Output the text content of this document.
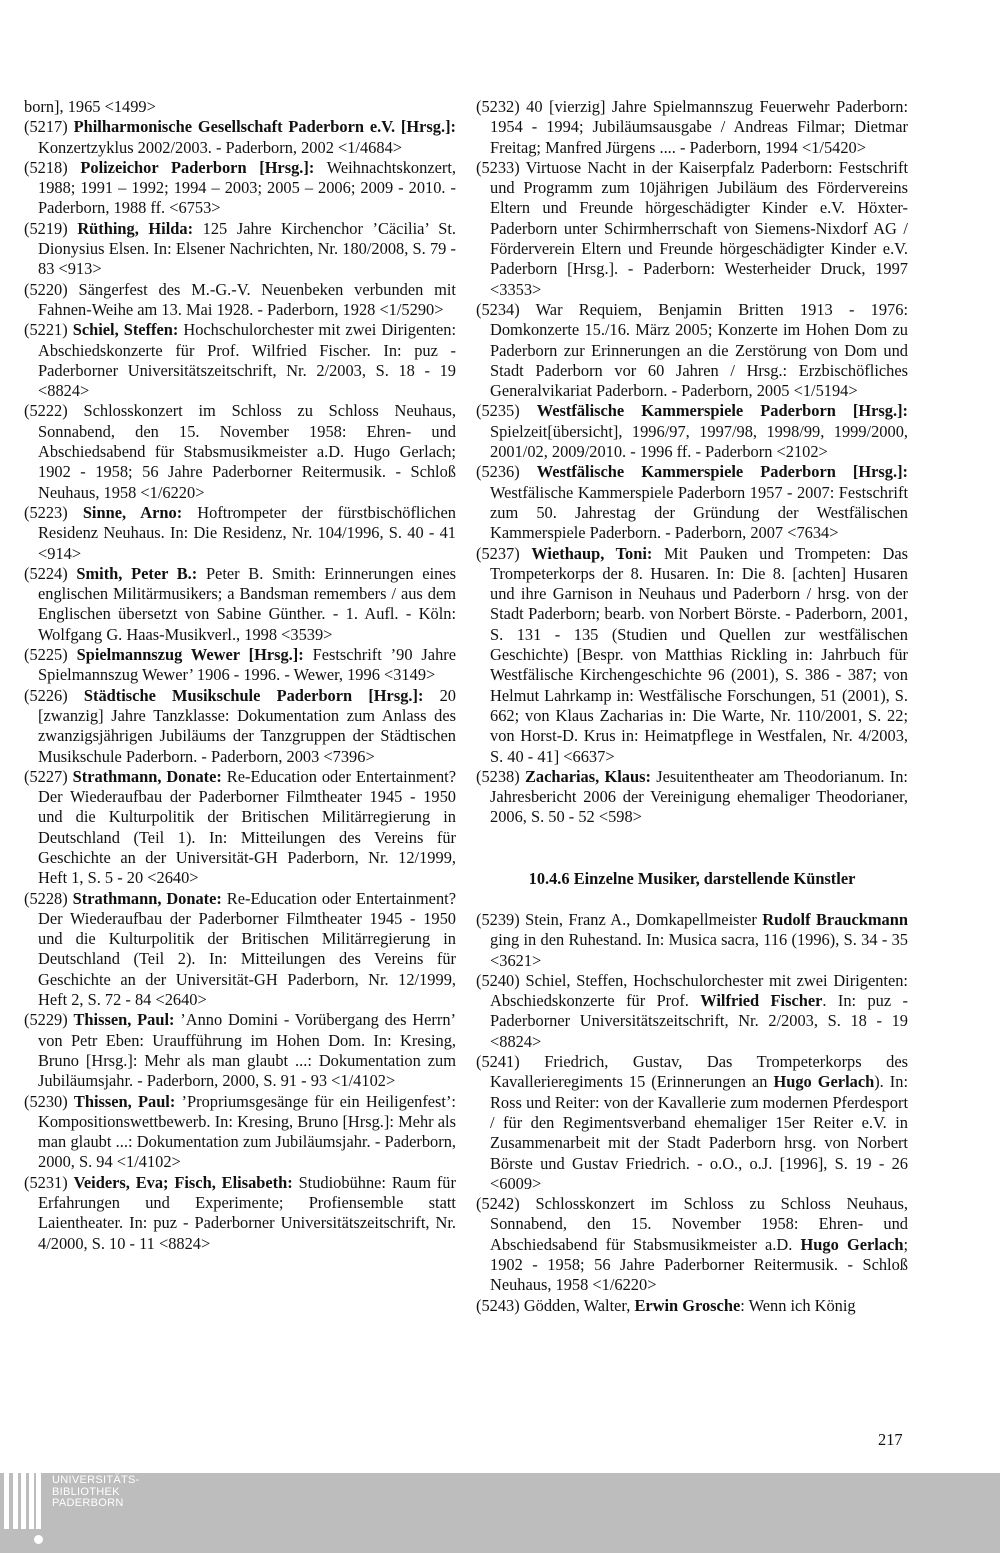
born], 1965 <1499>
(5217) Philharmonische Gesellschaft Paderborn e.V. [Hrsg.]: Konzertzyklus 2002/2003. - Paderborn, 2002 <1/4684>
(5218) Polizeichor Paderborn [Hrsg.]: Weihnachtskonzert, 1988; 1991 – 1992; 1994 – 2003; 2005 – 2006; 2009 - 2010. - Paderborn, 1988 ff. <6753>
(5219) Rüthing, Hilda: 125 Jahre Kirchenchor ’Cäcilia’ St. Dionysius Elsen. In: Elsener Nachrichten, Nr. 180/2008, S. 79 - 83 <913>
(5220) Sängerfest des M.-G.-V. Neuenbeken verbunden mit Fahnen-Weihe am 13. Mai 1928. - Paderborn, 1928 <1/5290>
(5221) Schiel, Steffen: Hochschulorchester mit zwei Dirigenten: Abschiedskonzerte für Prof. Wilfried Fischer. In: puz - Paderborner Universitätszeitschrift, Nr. 2/2003, S. 18 - 19 <8824>
(5222) Schlosskonzert im Schloss zu Schloss Neuhaus, Sonnabend, den 15. November 1958: Ehren- und Abschiedsabend für Stabsmusikmeister a.D. Hugo Gerlach; 1902 - 1958; 56 Jahre Paderborner Reitermusik. - Schloß Neuhaus, 1958 <1/6220>
(5223) Sinne, Arno: Hoftrompeter der fürstbischöflichen Residenz Neuhaus. In: Die Residenz, Nr. 104/1996, S. 40 - 41 <914>
(5224) Smith, Peter B.: Peter B. Smith: Erinnerungen eines englischen Militärmusikers; a Bandsman remembers / aus dem Englischen übersetzt von Sabine Günther. - 1. Aufl. - Köln: Wolfgang G. Haas-Musikverl., 1998 <3539>
(5225) Spielmannszug Wewer [Hrsg.]: Festschrift ’90 Jahre Spielmannszug Wewer’ 1906 - 1996. - Wewer, 1996 <3149>
(5226) Städtische Musikschule Paderborn [Hrsg.]: 20 [zwanzig] Jahre Tanzklasse: Dokumentation zum Anlass des zwanzigsjährigen Jubiläums der Tanzgruppen der Städtischen Musikschule Paderborn. - Paderborn, 2003 <7396>
(5227) Strathmann, Donate: Re-Education oder Entertainment? Der Wiederaufbau der Paderborner Filmtheater 1945 - 1950 und die Kulturpolitik der Britischen Militärregierung in Deutschland (Teil 1). In: Mitteilungen des Vereins für Geschichte an der Universität-GH Paderborn, Nr. 12/1999, Heft 1, S. 5 - 20 <2640>
(5228) Strathmann, Donate: Re-Education oder Entertainment? Der Wiederaufbau der Paderborner Filmtheater 1945 - 1950 und die Kulturpolitik der Britischen Militärregierung in Deutschland (Teil 2). In: Mitteilungen des Vereins für Geschichte an der Universität-GH Paderborn, Nr. 12/1999, Heft 2, S. 72 - 84 <2640>
(5229) Thissen, Paul: ’Anno Domini - Vorübergang des Herrn’ von Petr Eben: Uraufführung im Hohen Dom. In: Kresing, Bruno [Hrsg.]: Mehr als man glaubt ...: Dokumentation zum Jubiläumsjahr. - Paderborn, 2000, S. 91 - 93 <1/4102>
(5230) Thissen, Paul: ’Propriumsgesänge für ein Heiligenfest’: Kompositionswettbewerb. In: Kresing, Bruno [Hrsg.]: Mehr als man glaubt ...: Dokumentation zum Jubiläumsjahr. - Paderborn, 2000, S. 94 <1/4102>
(5231) Veiders, Eva; Fisch, Elisabeth: Studiobühne: Raum für Erfahrungen und Experimente; Profiensemble statt Laientheater. In: puz - Paderborner Universitätszeitschrift, Nr. 4/2000, S. 10 - 11 <8824>
(5232) 40 [vierzig] Jahre Spielmannszug Feuerwehr Paderborn: 1954 - 1994; Jubiläumsausgabe / Andreas Filmar; Dietmar Freitag; Manfred Jürgens .... - Paderborn, 1994 <1/5420>
(5233) Virtuose Nacht in der Kaiserpfalz Paderborn: Festschrift und Programm zum 10jährigen Jubiläum des Fördervereins Eltern und Freunde hörgeschädigter Kinder e.V. Höxter-Paderborn unter Schirmherrschaft von Siemens-Nixdorf AG / Förderverein Eltern und Freunde hörgeschädigter Kinder e.V. Paderborn [Hrsg.]. - Paderborn: Westerheider Druck, 1997 <3353>
(5234) War Requiem, Benjamin Britten 1913 - 1976: Domkonzerte 15./16. März 2005; Konzerte im Hohen Dom zu Paderborn zur Erinnerungen an die Zerstörung von Dom und Stadt Paderborn vor 60 Jahren / Hrsg.: Erzbischöfliches Generalvikariat Paderborn. - Paderborn, 2005 <1/5194>
(5235) Westfälische Kammerspiele Paderborn [Hrsg.]: Spielzeit[übersicht], 1996/97, 1997/98, 1998/99, 1999/2000, 2001/02, 2009/2010. - 1996 ff. - Paderborn <2102>
(5236) Westfälische Kammerspiele Paderborn [Hrsg.]: Westfälische Kammerspiele Paderborn 1957 - 2007: Festschrift zum 50. Jahrestag der Gründung der Westfälischen Kammerspiele Paderborn. - Paderborn, 2007 <7634>
(5237) Wiethaup, Toni: Mit Pauken und Trompeten: Das Trompeterkorps der 8. Husaren. In: Die 8. [achten] Husaren und ihre Garnison in Neuhaus und Paderborn / hrsg. von der Stadt Paderborn; bearb. von Norbert Börste. - Paderborn, 2001, S. 131 - 135 (Studien und Quellen zur westfälischen Geschichte) [Bespr. von Matthias Rickling in: Jahrbuch für Westfälische Kirchengeschichte 96 (2001), S. 386 - 387; von Helmut Lahrkamp in: Westfälische Forschungen, 51 (2001), S. 662; von Klaus Zacharias in: Die Warte, Nr. 110/2001, S. 22; von Horst-D. Krus in: Heimatpflege in Westfalen, Nr. 4/2003, S. 40 - 41] <6637>
(5238) Zacharias, Klaus: Jesuitentheater am Theodorianum. In: Jahresbericht 2006 der Vereinigung ehemaliger Theodorianer, 2006, S. 50 - 52 <598>
10.4.6 Einzelne Musiker, darstellende Künstler
(5239) Stein, Franz A., Domkapellmeister Rudolf Brauckmann ging in den Ruhestand. In: Musica sacra, 116 (1996), S. 34 - 35 <3621>
(5240) Schiel, Steffen, Hochschulorchester mit zwei Dirigenten: Abschiedskonzerte für Prof. Wilfried Fischer. In: puz - Paderborner Universitätszeitschrift, Nr. 2/2003, S. 18 - 19 <8824>
(5241) Friedrich, Gustav, Das Trompeterkorps des Kavallerieregiments 15 (Erinnerungen an Hugo Gerlach). In: Ross und Reiter: von der Kavallerie zum modernen Pferdesport / für den Regimentsverband ehemaliger 15er Reiter e.V. in Zusammenarbeit mit der Stadt Paderborn hrsg. von Norbert Börste und Gustav Friedrich. - o.O., o.J. [1996], S. 19 - 26 <6009>
(5242) Schlosskonzert im Schloss zu Schloss Neuhaus, Sonnabend, den 15. November 1958: Ehren- und Abschiedsabend für Stabsmusikmeister a.D. Hugo Gerlach; 1902 - 1958; 56 Jahre Paderborner Reitermusik. - Schloß Neuhaus, 1958 <1/6220>
(5243) Gödden, Walter, Erwin Grosche: Wenn ich König
217
UNIVERSITÄTS-
BIBLIOTHEK
PADERBORN
